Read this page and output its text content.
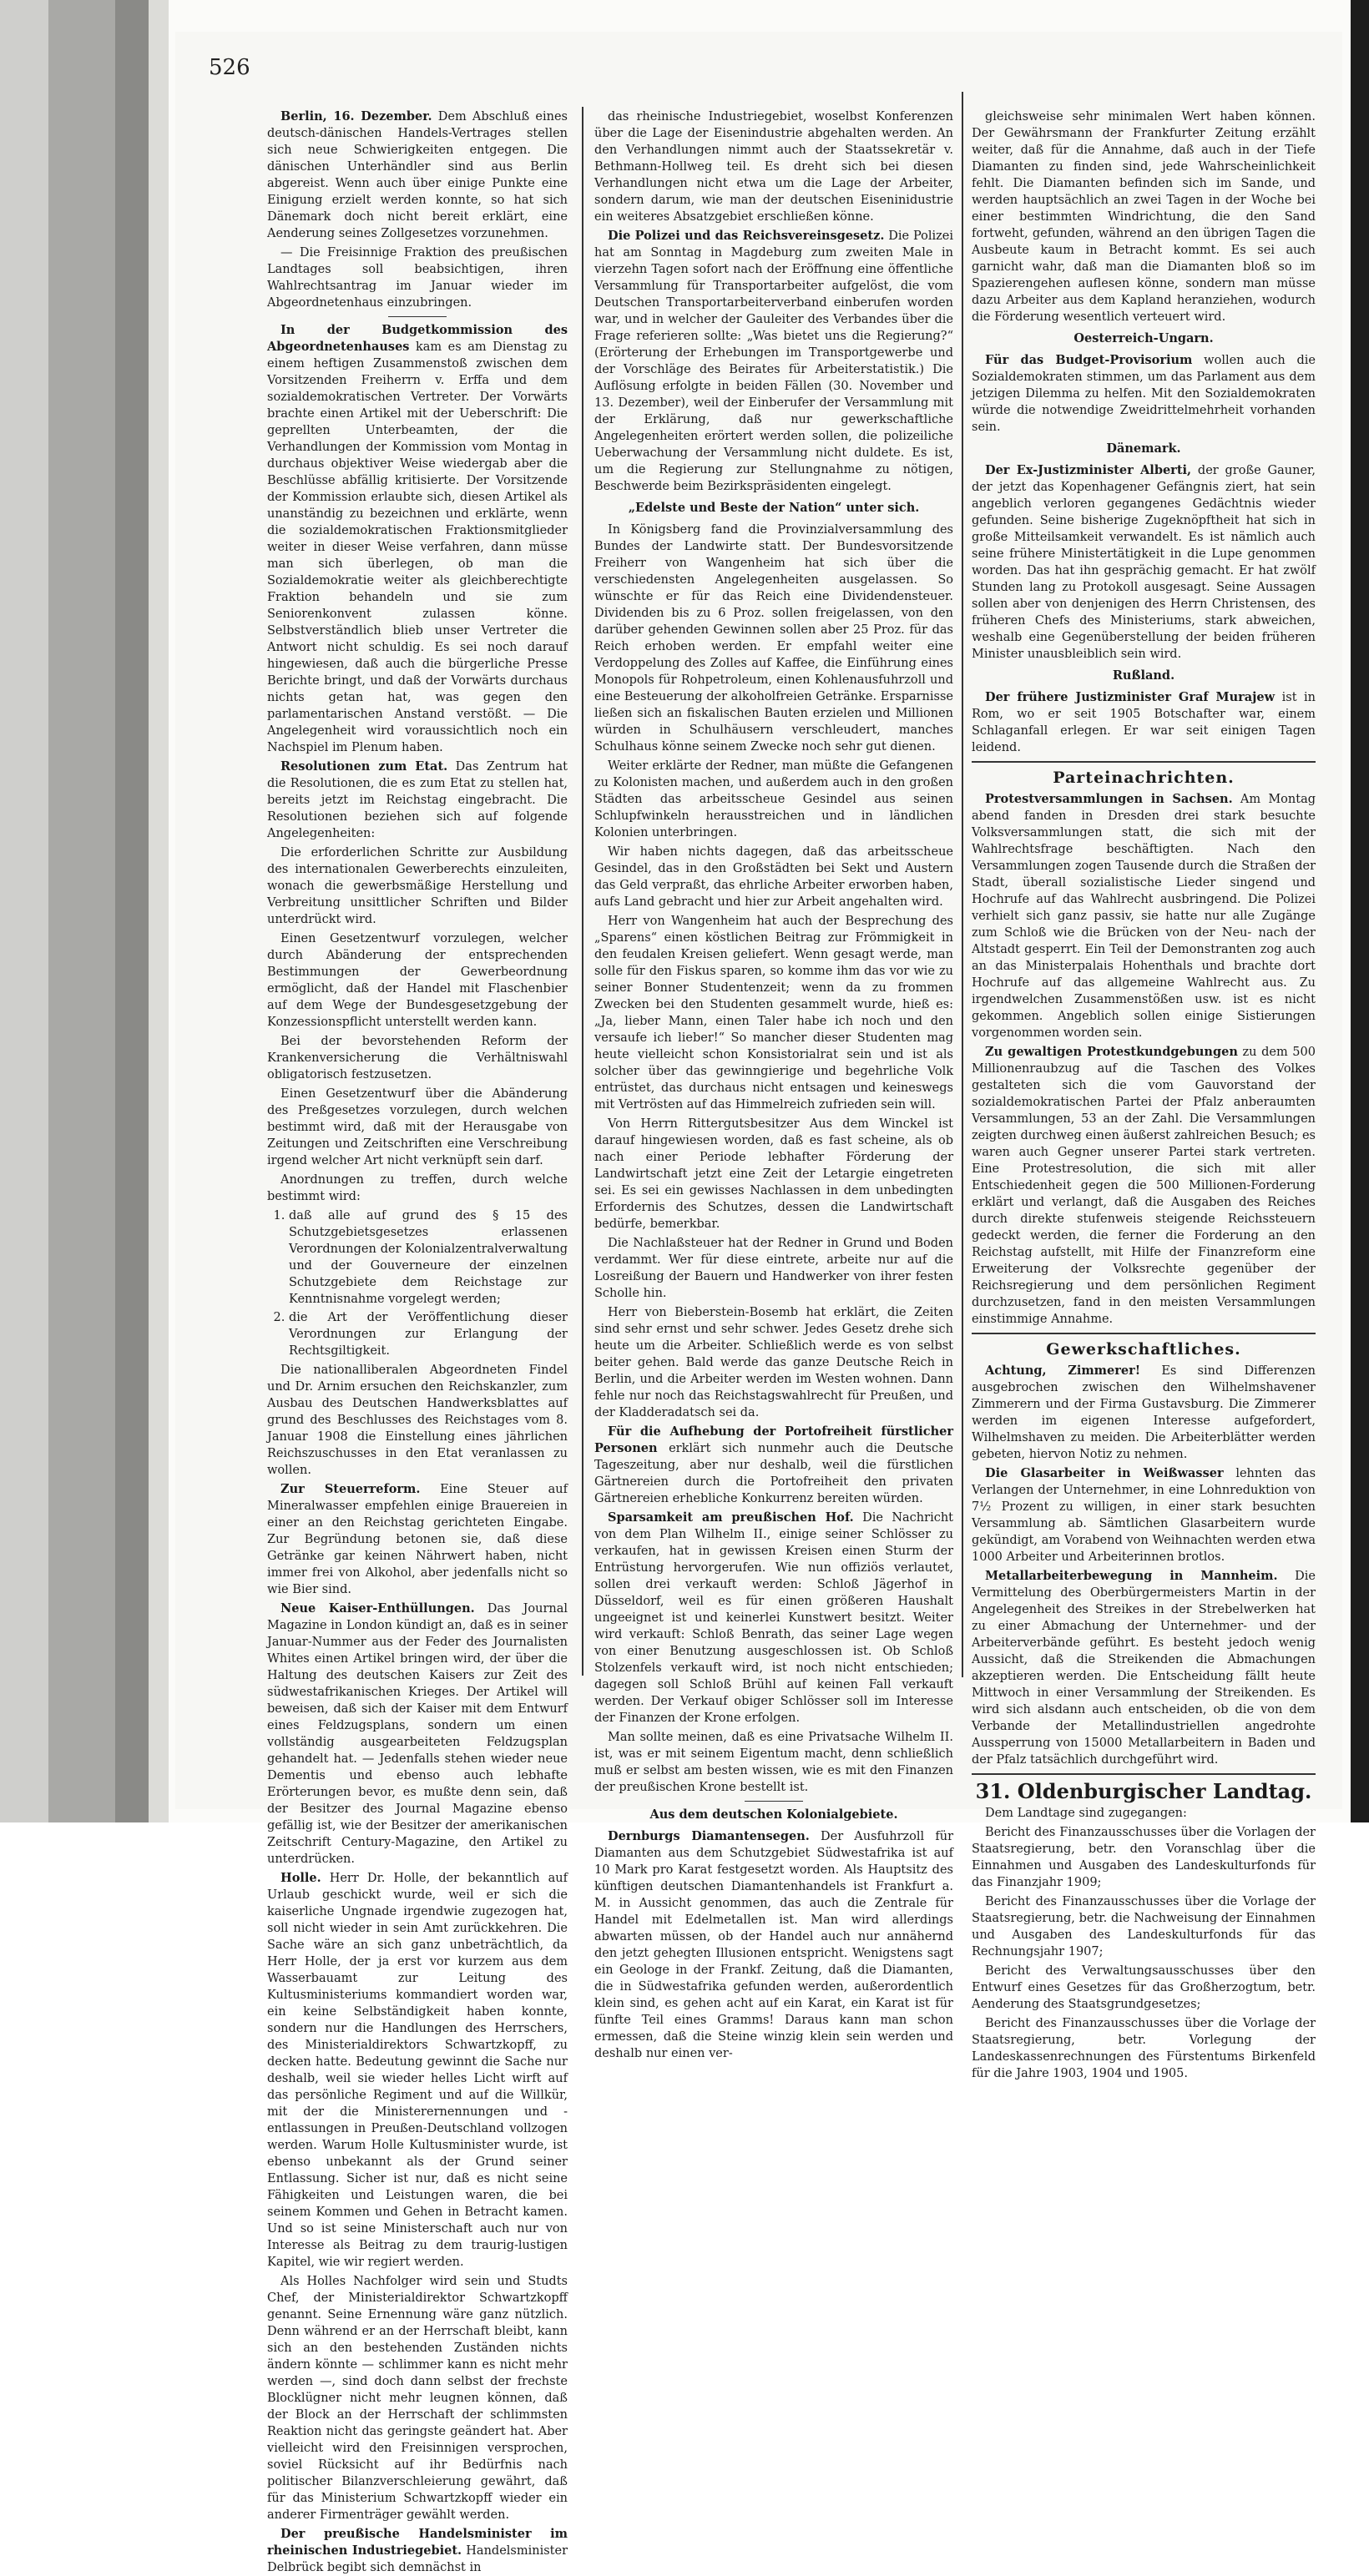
526

Berlin, 16. Dezember. Dem Abschluß eines deutsch-dänischen Handels-Vertrages stellen sich neue Schwierigkeiten entgegen. Die dänischen Unterhändler sind aus Berlin abgereist. Wenn auch über einige Punkte eine Einigung erzielt werden konnte, so hat sich Dänemark doch nicht bereit erklärt, eine Aenderung seines Zollgesetzes vorzunehmen.

— Die Freisinnige Fraktion des preußischen Landtages soll beabsichtigen, ihren Wahlrechtsantrag im Januar wieder im Abgeordnetenhaus einzubringen.

In der Budgetkommission des Abgeordnetenhauses kam es am Dienstag zu einem heftigen Zusammenstoß zwischen dem Vorsitzenden Freiherrn v. Erffa und dem sozialdemokratischen Vertreter. Der Vorwärts brachte einen Artikel mit der Ueberschrift: Die geprellten Unterbeamten, der die Verhandlungen der Kommission vom Montag in durchaus objektiver Weise wiedergab aber die Beschlüsse abfällig kritisierte. Der Vorsitzende der Kommission erlaubte sich, diesen Artikel als unanständig zu bezeichnen und erklärte, wenn die sozialdemokratischen Fraktionsmitglieder weiter in dieser Weise verfahren, dann müsse man sich überlegen, ob man die Sozialdemokratie weiter als gleichberechtigte Fraktion behandeln und sie zum Seniorenkonvent zulassen könne. Selbstverständlich blieb unser Vertreter die Antwort nicht schuldig. Es sei noch darauf hingewiesen, daß auch die bürgerliche Presse Berichte bringt, und daß der Vorwärts durchaus nichts getan hat, was gegen den parlamentarischen Anstand verstößt. — Die Angelegenheit wird voraussichtlich noch ein Nachspiel im Plenum haben.

Resolutionen zum Etat. Das Zentrum hat die Resolutionen, die es zum Etat zu stellen hat, bereits jetzt im Reichstag eingebracht. Die Resolutionen beziehen sich auf folgende Angelegenheiten:

Die erforderlichen Schritte zur Ausbildung des internationalen Gewerberechts einzuleiten, wonach die gewerbsmäßige Herstellung und Verbreitung unsittlicher Schriften und Bilder unterdrückt wird.

Einen Gesetzentwurf vorzulegen, welcher durch Abänderung der entsprechenden Bestimmungen der Gewerbeordnung ermöglicht, daß der Handel mit Flaschenbier auf dem Wege der Bundesgesetzgebung der Konzessionspflicht unterstellt werden kann.

Bei der bevorstehenden Reform der Krankenversicherung die Verhältniswahl obligatorisch festzusetzen.

Einen Gesetzentwurf über die Abänderung des Preßgesetzes vorzulegen, durch welchen bestimmt wird, daß mit der Herausgabe von Zeitungen und Zeitschriften eine Verschreibung irgend welcher Art nicht verknüpft sein darf.

Anordnungen zu treffen, durch welche bestimmt wird:

1. daß alle auf grund des § 15 des Schutzgebietsgesetzes erlassenen Verordnungen der Kolonialzentralverwaltung und der Gouverneure der einzelnen Schutzgebiete dem Reichstage zur Kenntnisnahme vorgelegt werden;
2. die Art der Veröffentlichung dieser Verordnungen zur Erlangung der Rechtsgiltigkeit.

Die nationalliberalen Abgeordneten Findel und Dr. Arnim ersuchen den Reichskanzler, zum Ausbau des Deutschen Handwerksblattes auf grund des Beschlusses des Reichstages vom 8. Januar 1908 die Einstellung eines jährlichen Reichszuschusses in den Etat veranlassen zu wollen.

Zur Steuerreform. Eine Steuer auf Mineralwasser empfehlen einige Brauereien in einer an den Reichstag gerichteten Eingabe. Zur Begründung betonen sie, daß diese Getränke gar keinen Nährwert haben, nicht immer frei von Alkohol, aber jedenfalls nicht so wie Bier sind.

Neue Kaiser-Enthüllungen. Das Journal Magazine in London kündigt an, daß es in seiner Januar-Nummer aus der Feder des Journalisten Whites einen Artikel bringen wird, der über die Haltung des deutschen Kaisers zur Zeit des südwestafrikanischen Krieges. Der Artikel will beweisen, daß sich der Kaiser mit dem Entwurf eines Feldzugsplans, sondern um einen vollständig ausgearbeiteten Feldzugsplan gehandelt hat. — Jedenfalls stehen wieder neue Dementis und ebenso auch lebhafte Erörterungen bevor, es mußte denn sein, daß der Besitzer des Journal Magazine ebenso gefällig ist, wie der Besitzer der amerikanischen Zeitschrift Century-Magazine, den Artikel zu unterdrücken.

Holle. Herr Dr. Holle, der bekanntlich auf Urlaub geschickt wurde, weil er sich die kaiserliche Ungnade irgendwie zugezogen hat, soll nicht wieder in sein Amt zurückkehren. Die Sache wäre an sich ganz unbeträchtlich, da Herr Holle, der ja erst vor kurzem aus dem Wasserbauamt zur Leitung des Kultusministeriums kommandiert worden war, ein keine Selbständigkeit haben konnte, sondern nur die Handlungen des Herrschers, des Ministerialdirektors Schwartzkopff, zu decken hatte. Bedeutung gewinnt die Sache nur deshalb, weil sie wieder helles Licht wirft auf das persönliche Regiment und auf die Willkür, mit der die Ministerernennungen und -entlassungen in Preußen-Deutschland vollzogen werden. Warum Holle Kultusminister wurde, ist ebenso unbekannt als der Grund seiner Entlassung. Sicher ist nur, daß es nicht seine Fähigkeiten und Leistungen waren, die bei seinem Kommen und Gehen in Betracht kamen. Und so ist seine Ministerschaft auch nur von Interesse als Beitrag zu dem traurig-lustigen Kapitel, wie wir regiert werden.

Als Holles Nachfolger wird sein und Studts Chef, der Ministerialdirektor Schwartzkopff genannt. Seine Ernennung wäre ganz nützlich. Denn während er an der Herrschaft bleibt, kann sich an den bestehenden Zuständen nichts ändern könnte — schlimmer kann es nicht mehr werden —, sind doch dann selbst der frechste Blocklügner nicht mehr leugnen können, daß der Block an der Herrschaft der schlimmsten Reaktion nicht das geringste geändert hat. Aber vielleicht wird den Freisinnigen versprochen, soviel Rücksicht auf ihr Bedürfnis nach politischer Bilanzverschleierung gewährt, daß für das Ministerium Schwartzkopff wieder ein anderer Firmenträger gewählt werden.

Der preußische Handelsminister im rheinischen Industriegebiet. Handelsminister Delbrück begibt sich demnächst in

das rheinische Industriegebiet, woselbst Konferenzen über die Lage der Eisenindustrie abgehalten werden. An den Verhandlungen nimmt auch der Staatssekretär v. Bethmann-Hollweg teil. Es dreht sich bei diesen Verhandlungen nicht etwa um die Lage der Arbeiter, sondern darum, wie man der deutschen Eiseninidustrie ein weiteres Absatzgebiet erschließen könne.

Die Polizei und das Reichsvereinsgesetz. Die Polizei hat am Sonntag in Magdeburg zum zweiten Male in vierzehn Tagen sofort nach der Eröffnung eine öffentliche Versammlung für Transportarbeiter aufgelöst, die vom Deutschen Transportarbeiterverband einberufen worden war, und in welcher der Gauleiter des Verbandes über die Frage referieren sollte: „Was bietet uns die Regierung?“ (Erörterung der Erhebungen im Transportgewerbe und der Vorschläge des Beirates für Arbeiterstatistik.) Die Auflösung erfolgte in beiden Fällen (30. November und 13. Dezember), weil der Einberufer der Versammlung mit der Erklärung, daß nur gewerkschaftliche Angelegenheiten erörtert werden sollen, die polizeiliche Ueberwachung der Versammlung nicht duldete. Es ist, um die Regierung zur Stellungnahme zu nötigen, Beschwerde beim Bezirkspräsidenten eingelegt.

„Edelste und Beste der Nation“ unter sich.

In Königsberg fand die Provinzialversammlung des Bundes der Landwirte statt. Der Bundesvorsitzende Freiherr von Wangenheim hat sich über die verschiedensten Angelegenheiten ausgelassen. So wünschte er für das Reich eine Dividendensteuer. Dividenden bis zu 6 Proz. sollen freigelassen, von den darüber gehenden Gewinnen sollen aber 25 Proz. für das Reich erhoben werden. Er empfahl weiter eine Verdoppelung des Zolles auf Kaffee, die Einführung eines Monopols für Rohpetroleum, einen Kohlenausfuhrzoll und eine Besteuerung der alkoholfreien Getränke. Ersparnisse ließen sich an fiskalischen Bauten erzielen und Millionen würden in Schulhäusern verschleudert, manches Schulhaus könne seinem Zwecke noch sehr gut dienen.

Weiter erklärte der Redner, man müßte die Gefangenen zu Kolonisten machen, und außerdem auch in den großen Städten das arbeitsscheue Gesindel aus seinen Schlupfwinkeln herausstreichen und in ländlichen Kolonien unterbringen.

Wir haben nichts dagegen, daß das arbeitsscheue Gesindel, das in den Großstädten bei Sekt und Austern das Geld verpraßt, das ehrliche Arbeiter erworben haben, aufs Land gebracht und hier zur Arbeit angehalten wird.

Herr von Wangenheim hat auch der Besprechung des „Sparens“ einen köstlichen Beitrag zur Frömmigkeit in den feudalen Kreisen geliefert. Wenn gesagt werde, man solle für den Fiskus sparen, so komme ihm das vor wie zu seiner Bonner Studentenzeit; wenn da zu frommen Zwecken bei den Studenten gesammelt wurde, hieß es: „Ja, lieber Mann, einen Taler habe ich noch und den versaufe ich lieber!“ So mancher dieser Studenten mag heute vielleicht schon Konsistorialrat sein und ist als solcher über das gewinngierige und begehrliche Volk entrüstet, das durchaus nicht entsagen und keineswegs mit Vertrösten auf das Himmelreich zufrieden sein will.

Von Herrn Rittergutsbesitzer Aus dem Winckel ist darauf hingewiesen worden, daß es fast scheine, als ob nach einer Periode lebhafter Förderung der Landwirtschaft jetzt eine Zeit der Letargie eingetreten sei. Es sei ein gewisses Nachlassen in dem unbedingten Erfordernis des Schutzes, dessen die Landwirtschaft bedürfe, bemerkbar.

Die Nachlaßsteuer hat der Redner in Grund und Boden verdammt. Wer für diese eintrete, arbeite nur auf die Losreißung der Bauern und Handwerker von ihrer festen Scholle hin.

Herr von Bieberstein-Bosemb hat erklärt, die Zeiten sind sehr ernst und sehr schwer. Jedes Gesetz drehe sich heute um die Arbeiter. Schließlich werde es von selbst beiter gehen. Bald werde das ganze Deutsche Reich in Berlin, und die Arbeiter werden im Westen wohnen. Dann fehle nur noch das Reichstagswahlrecht für Preußen, und der Kladderadatsch sei da.

Für die Aufhebung der Portofreiheit fürstlicher Personen erklärt sich nunmehr auch die Deutsche Tageszeitung, aber nur deshalb, weil die fürstlichen Gärtnereien durch die Portofreiheit den privaten Gärtnereien erhebliche Konkurrenz bereiten würden.

Sparsamkeit am preußischen Hof. Die Nachricht von dem Plan Wilhelm II., einige seiner Schlösser zu verkaufen, hat in gewissen Kreisen einen Sturm der Entrüstung hervorgerufen. Wie nun offiziös verlautet, sollen drei verkauft werden: Schloß Jägerhof in Düsseldorf, weil es für einen größeren Haushalt ungeeignet ist und keinerlei Kunstwert besitzt. Weiter wird verkauft: Schloß Benrath, das seiner Lage wegen von einer Benutzung ausgeschlossen ist. Ob Schloß Stolzenfels verkauft wird, ist noch nicht entschieden; dagegen soll Schloß Brühl auf keinen Fall verkauft werden. Der Verkauf obiger Schlösser soll im Interesse der Finanzen der Krone erfolgen.

Man sollte meinen, daß es eine Privatsache Wilhelm II. ist, was er mit seinem Eigentum macht, denn schließlich muß er selbst am besten wissen, wie es mit den Finanzen der preußischen Krone bestellt ist.

Aus dem deutschen Kolonialgebiete.

Dernburgs Diamantensegen. Der Ausfuhrzoll für Diamanten aus dem Schutzgebiet Südwestafrika ist auf 10 Mark pro Karat festgesetzt worden. Als Hauptsitz des künftigen deutschen Diamantenhandels ist Frankfurt a. M. in Aussicht genommen, das auch die Zentrale für Handel mit Edelmetallen ist. Man wird allerdings abwarten müssen, ob der Handel auch nur annähernd den jetzt gehegten Illusionen entspricht. Wenigstens sagt ein Geologe in der Frankf. Zeitung, daß die Diamanten, die in Südwestafrika gefunden werden, außerordentlich klein sind, es gehen acht auf ein Karat, ein Karat ist für fünfte Teil eines Gramms! Daraus kann man schon ermessen, daß die Steine winzig klein sein werden und deshalb nur einen ver-

gleichsweise sehr minimalen Wert haben können. Der Gewährsmann der Frankfurter Zeitung erzählt weiter, daß für die Annahme, daß auch in der Tiefe Diamanten zu finden sind, jede Wahrscheinlichkeit fehlt. Die Diamanten befinden sich im Sande, und werden hauptsächlich an zwei Tagen in der Woche bei einer bestimmten Windrichtung, die den Sand fortweht, gefunden, während an den übrigen Tagen die Ausbeute kaum in Betracht kommt. Es sei auch garnicht wahr, daß man die Diamanten bloß so im Spazierengehen auflesen könne, sondern man müsse dazu Arbeiter aus dem Kapland heranziehen, wodurch die Förderung wesentlich verteuert wird.

Oesterreich-Ungarn.

Für das Budget-Provisorium wollen auch die Sozialdemokraten stimmen, um das Parlament aus dem jetzigen Dilemma zu helfen. Mit den Sozialdemokraten würde die notwendige Zweidrittelmehrheit vorhanden sein.

Dänemark.

Der Ex-Justizminister Alberti, der große Gauner, der jetzt das Kopenhagener Gefängnis ziert, hat sein angeblich verloren gegangenes Gedächtnis wieder gefunden. Seine bisherige Zugeknöpftheit hat sich in große Mitteilsamkeit verwandelt. Es ist nämlich auch seine frühere Ministertätigkeit in die Lupe genommen worden. Das hat ihn gesprächig gemacht. Er hat zwölf Stunden lang zu Protokoll ausgesagt. Seine Aussagen sollen aber von denjenigen des Herrn Christensen, des früheren Chefs des Ministeriums, stark abweichen, weshalb eine Gegenüberstellung der beiden früheren Minister unausbleiblich sein wird.

Rußland.

Der frühere Justizminister Graf Murajew ist in Rom, wo er seit 1905 Botschafter war, einem Schlaganfall erlegen. Er war seit einigen Tagen leidend.

Parteinachrichten.

Protestversammlungen in Sachsen. Am Montag abend fanden in Dresden drei stark besuchte Volksversammlungen statt, die sich mit der Wahlrechtsfrage beschäftigten. Nach den Versammlungen zogen Tausende durch die Straßen der Stadt, überall sozialistische Lieder singend und Hochrufe auf das Wahlrecht ausbringend. Die Polizei verhielt sich ganz passiv, sie hatte nur alle Zugänge zum Schloß wie die Brücken von der Neu- nach der Altstadt gesperrt. Ein Teil der Demonstranten zog auch an das Ministerpalais Hohenthals und brachte dort Hochrufe auf das allgemeine Wahlrecht aus. Zu irgendwelchen Zusammenstößen usw. ist es nicht gekommen. Angeblich sollen einige Sistierungen vorgenommen worden sein.

Zu gewaltigen Protestkundgebungen zu dem 500 Millionenraubzug auf die Taschen des Volkes gestalteten sich die vom Gauvorstand der sozialdemokratischen Partei der Pfalz anberaumten Versammlungen, 53 an der Zahl. Die Versammlungen zeigten durchweg einen äußerst zahlreichen Besuch; es waren auch Gegner unserer Partei stark vertreten. Eine Protestresolution, die sich mit aller Entschiedenheit gegen die 500 Millionen-Forderung erklärt und verlangt, daß die Ausgaben des Reiches durch direkte stufenweis steigende Reichssteuern gedeckt werden, die ferner die Forderung an den Reichstag aufstellt, mit Hilfe der Finanzreform eine Erweiterung der Volksrechte gegenüber der Reichsregierung und dem persönlichen Regiment durchzusetzen, fand in den meisten Versammlungen einstimmige Annahme.

Gewerkschaftliches.

Achtung, Zimmerer! Es sind Differenzen ausgebrochen zwischen den Wilhelmshavener Zimmerern und der Firma Gustavsburg. Die Zimmerer werden im eigenen Interesse aufgefordert, Wilhelmshaven zu meiden. Die Arbeiterblätter werden gebeten, hiervon Notiz zu nehmen.

Die Glasarbeiter in Weißwasser lehnten das Verlangen der Unternehmer, in eine Lohnreduktion von 7½ Prozent zu willigen, in einer stark besuchten Versammlung ab. Sämtlichen Glasarbeitern wurde gekündigt, am Vorabend von Weihnachten werden etwa 1000 Arbeiter und Arbeiterinnen brotlos.

Metallarbeiterbewegung in Mannheim. Die Vermittelung des Oberbürgermeisters Martin in der Angelegenheit des Streikes in der Strebelwerken hat zu einer Abmachung der Unternehmer- und der Arbeiterverbände geführt. Es besteht jedoch wenig Aussicht, daß die Streikenden die Abmachungen akzeptieren werden. Die Entscheidung fällt heute Mittwoch in einer Versammlung der Streikenden. Es wird sich alsdann auch entscheiden, ob die von dem Verbande der Metallindustriellen angedrohte Aussperrung von 15000 Metallarbeitern in Baden und der Pfalz tatsächlich durchgeführt wird.

31. Oldenburgischer Landtag.

Dem Landtage sind zugegangen:

Bericht des Finanzausschusses über die Vorlagen der Staatsregierung, betr. den Voranschlag über die Einnahmen und Ausgaben des Landeskulturfonds für das Finanzjahr 1909;

Bericht des Finanzausschusses über die Vorlage der Staatsregierung, betr. die Nachweisung der Einnahmen und Ausgaben des Landeskulturfonds für das Rechnungsjahr 1907;

Bericht des Verwaltungsausschusses über den Entwurf eines Gesetzes für das Großherzogtum, betr. Aenderung des Staatsgrundgesetzes;

Bericht des Finanzausschusses über die Vorlage der Staatsregierung, betr. Vorlegung der Landeskassenrechnungen des Fürstentums Birkenfeld für die Jahre 1903, 1904 und 1905.
